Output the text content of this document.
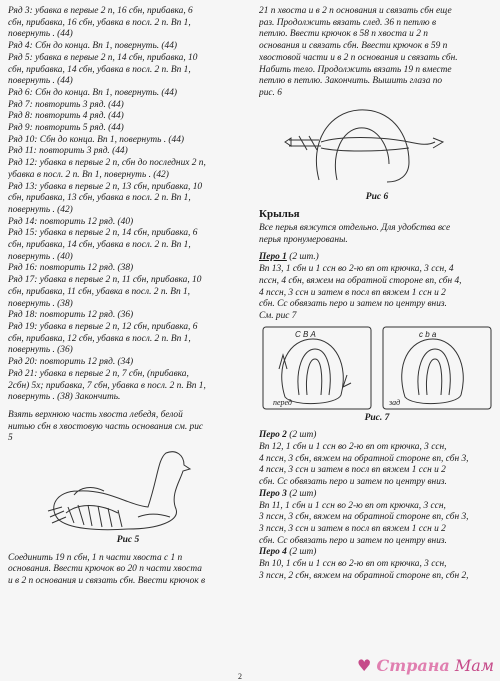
Ряд 3: убавка в первые 2 п, 16 сбн, прибавка, 6
сбн, прибавка, 16 сбн, убавка в посл. 2 п. Вп 1,
повернуть . (44)
Ряд 4: Сбн до конца. Вп 1, повернуть. (44)
Ряд 5: убавка в первые 2 п, 14 сбн, прибавка, 10
сбн, прибавка, 14 сбн, убавка в посл. 2 п. Вп 1,
повернуть . (44)
Ряд 6: Сбн до конца. Вп 1, повернуть. (44)
Ряд 7: повторить 3 ряд. (44)
Ряд 8: повторить 4 ряд. (44)
Ряд 9: повторить 5 ряд. (44)
Ряд 10: Сбн до конца. Вп 1, повернуть . (44)
Ряд 11: повторить 3 ряд. (44)
Ряд 12: убавка в первые 2 п, сбн до последних 2 п,
убавка в посл. 2 п. Вп 1, повернуть . (42)
Ряд 13: убавка в первые 2 п, 13 сбн, прибавка, 10
сбн, прибавка, 13 сбн, убавка в посл. 2 п. Вп 1,
повернуть . (42)
Ряд 14: повторить 12 ряд. (40)
Ряд 15: убавка в первые 2 п, 14 сбн, прибавка, 6
сбн, прибавка, 14 сбн, убавка в посл. 2 п. Вп 1,
повернуть . (40)
Ряд 16: повторить 12 ряд. (38)
Ряд 17: убавка в первые 2 п, 11 сбн, прибавка, 10
сбн, прибавка, 11 сбн, убавка в посл. 2 п. Вп 1,
повернуть . (38)
Ряд 18: повторить 12 ряд. (36)
Ряд 19: убавка в первые 2 п, 12 сбн, прибавка, 6
сбн, прибавка, 12 сбн, убавка в посл. 2 п. Вп 1,
повернуть . (36)
Ряд 20: повторить 12 ряд. (34)
Ряд 21: убавка в первые 2 п, 7 сбн, (прибавка,
2сбн) 5х; прибавка, 7 сбн, убавка в посл. 2 п. Вп 1,
повернуть . (38) Закончить.
Взять верхнюю часть хвоста лебедя, белой
нитью сбн в хвостовую часть основания см. рис
5
Рис 5
Соединить 19 п сбн, 1 п части хвоста с 1 п
основания. Ввести крючок во 20 п части хвоста
и в 2 п основания и связать сбн. Ввести крючок в
21 п хвоста и в 2 п основания и связать сбн еще
раз. Продолжить вязать след. 36 п петлю в
петлю. Ввести крючок в 58 п хвоста и 2 п
основания и связать сбн. Ввести крючок в 59 п
хвостовой части и в 2 п основания и связать сбн.
Набить тело. Продолжить вязать 19 п вместе
петлю в петлю. Закончить. Вышить глаза по
рис. 6
Рис 6
Крылья
Все перья вяжутся отдельно. Для удобства все
перья пронумерованы.
Перо 1 (2 шт.)
Вп 13, 1 сбн и 1 ссн во 2-ю вп от крючка, 3 ссн, 4
пссн, 4 сбн, вяжем на обратной стороне вп, сбн 4,
4 пссн, 3 ссн и затем в посл вп вяжем 1 ссн и 2
сбн. Сс обвязать перо и затем по центру вниз.
См. рис 7
С В А	c b a
перед	зад
Рис. 7
Перо 2 (2 шт)
Вп 12, 1 сбн и 1 ссн во 2-ю вп от крючка, 3 ссн,
4 пссн, 3 сбн, вяжем на обратной стороне вп, сбн 3,
4 пссн, 3 ссн и затем в посл вп вяжем 1 ссн и 2
сбн. Сс обвязать перо и затем по центру вниз.
Перо 3 (2 шт)
Вп 11, 1 сбн и 1 ссн во 2-ю вп от крючка, 3 ссн,
3 пссн, 3 сбн, вяжем на обратной стороне вп, сбн 3,
3 пссн, 3 ссн и затем в посл вп вяжем 1 ссн и 2
сбн. Сс обвязать перо и затем по центру вниз.
Перо 4 (2 шт)
Вп 10, 1 сбн и 1 ссн во 2-ю вп от крючка, 3 ссн,
3 пссн, 2 сбн, вяжем на обратной стороне вп, сбн 2,
2
♥ Страна Мам
